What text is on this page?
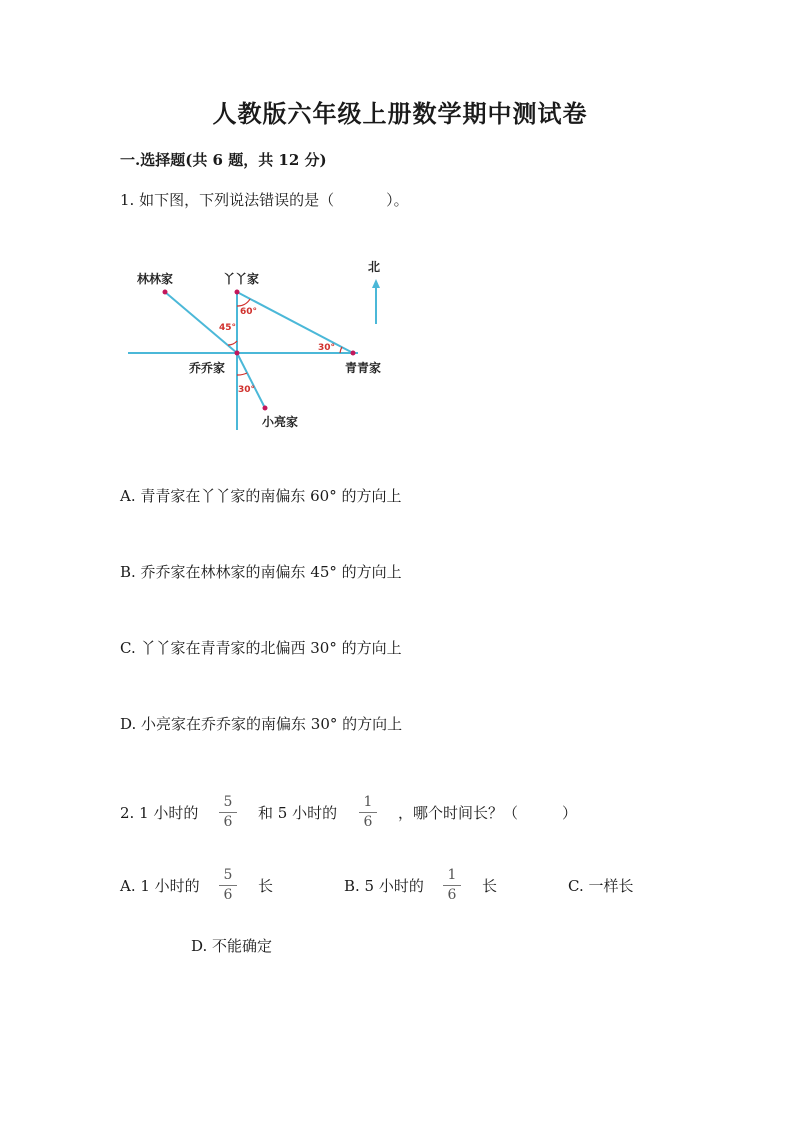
人教版六年级上册数学期中测试卷
一.选择题(共 6 题，共 12 分)
1. 如下图，下列说法错误的是（	）。
林林家	丫丫家
北
乔乔家	青青家
小亮家
60°
45°
30°
30°
A. 青青家在丫丫家的南偏东 60° 的方向上
B. 乔乔家在林林家的南偏东 45° 的方向上
C. 丫丫家在青青家的北偏西 30° 的方向上
D. 小亮家在乔乔家的南偏东 30° 的方向上
2. 1 小时的
5
6	和 5 小时的
1
6	，哪个时间长？（	）
A. 1 小时的
5
6	长	B. 5 小时的
1
6	长	C. 一样长
D. 不能确定
